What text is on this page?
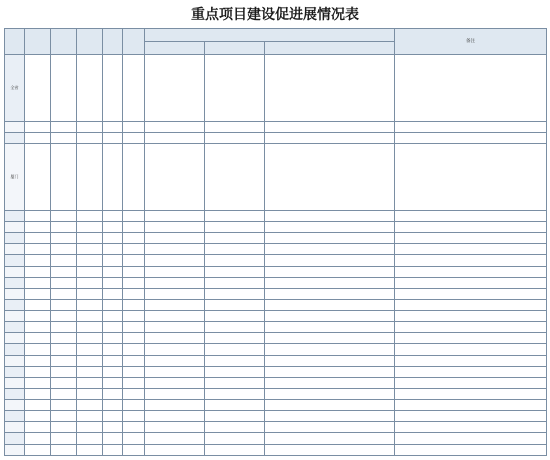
重点项目建设促进展情况表
									备注

全省									

厦门									
